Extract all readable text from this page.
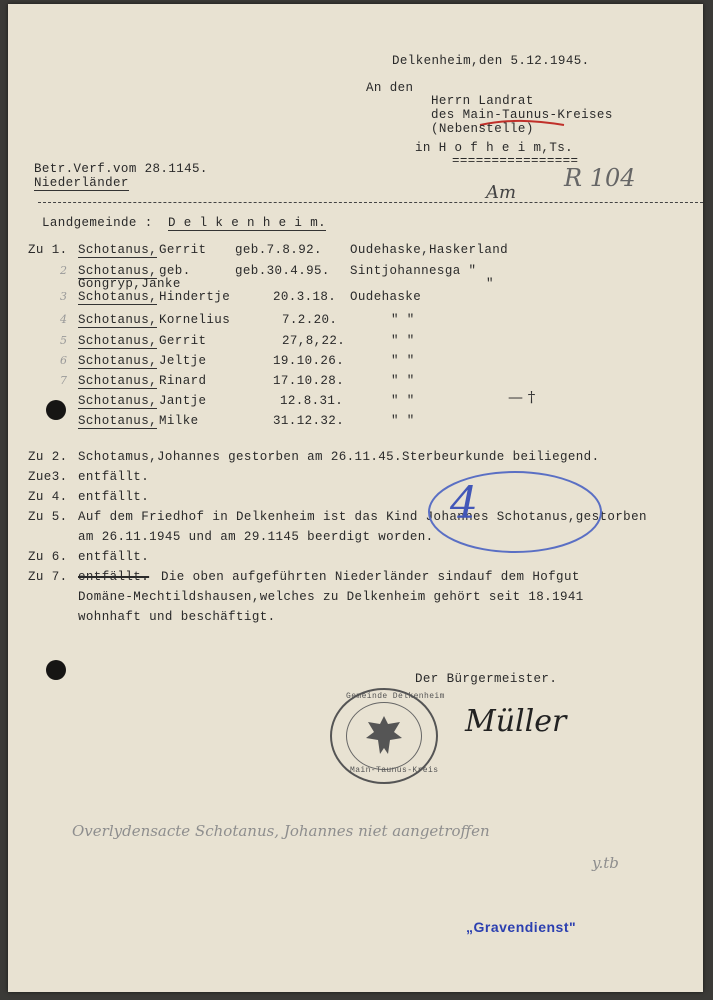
Delkenheim,den 5.12.1945.
An den
Herrn Landrat
des Main-Taunus-Kreises
(Nebenstelle)
in H o f h e i m,Ts.
================
Betr.Verf.vom 28.1145.
Niederländer	Am
R 104
Landgemeinde : D e l k e n h e i m.
Zu 1. Schotanus, Gerrit geb.7.8.92. Oudehaske,Haskerland
2 Schotanus, geb.	geb.30.4.95. Sintjohannesga "
Gongryp,Janke	"
3 Schotanus, Hindertje	20.3.18. Oudehaske
4 Schotanus, Kornelius	7.2.20.	" "
5 Schotanus, Gerrit	27,8,22.	" "
6 Schotanus, Jeltje	19.10.26.	" "
7 Schotanus, Rinard	17.10.28.	" "
Schotanus, Jantje	12.8.31.	" "	— †
Schotanus, Milke	31.12.32.	" "
Zu 2. Schotamus,Johannes gestorben am 26.11.45.Sterbeurkunde beiliegend.
Zue3. entfällt.
Zu 4. entfällt.
Zu 5. Auf dem Friedhof in Delkenheim ist das Kind Johannes Schotanus,gestorben
am 26.11.1945 und am 29.1145 beerdigt worden.
Zu 6. entfällt.
Zu 7. entfällt. Die oben aufgeführten Niederländer sindauf dem Hofgut
Domäne-Mechtildshausen,welches zu Delkenheim gehört seit 18.1941
wohnhaft und beschäftigt.
4
Der Bürgermeister.
Müller
Gemeinde Delkenheim
Main-Taunus-Kreis
Overlydensacte Schotanus, Johannes niet aangetroffen
y.tb
„Gravendienst"
